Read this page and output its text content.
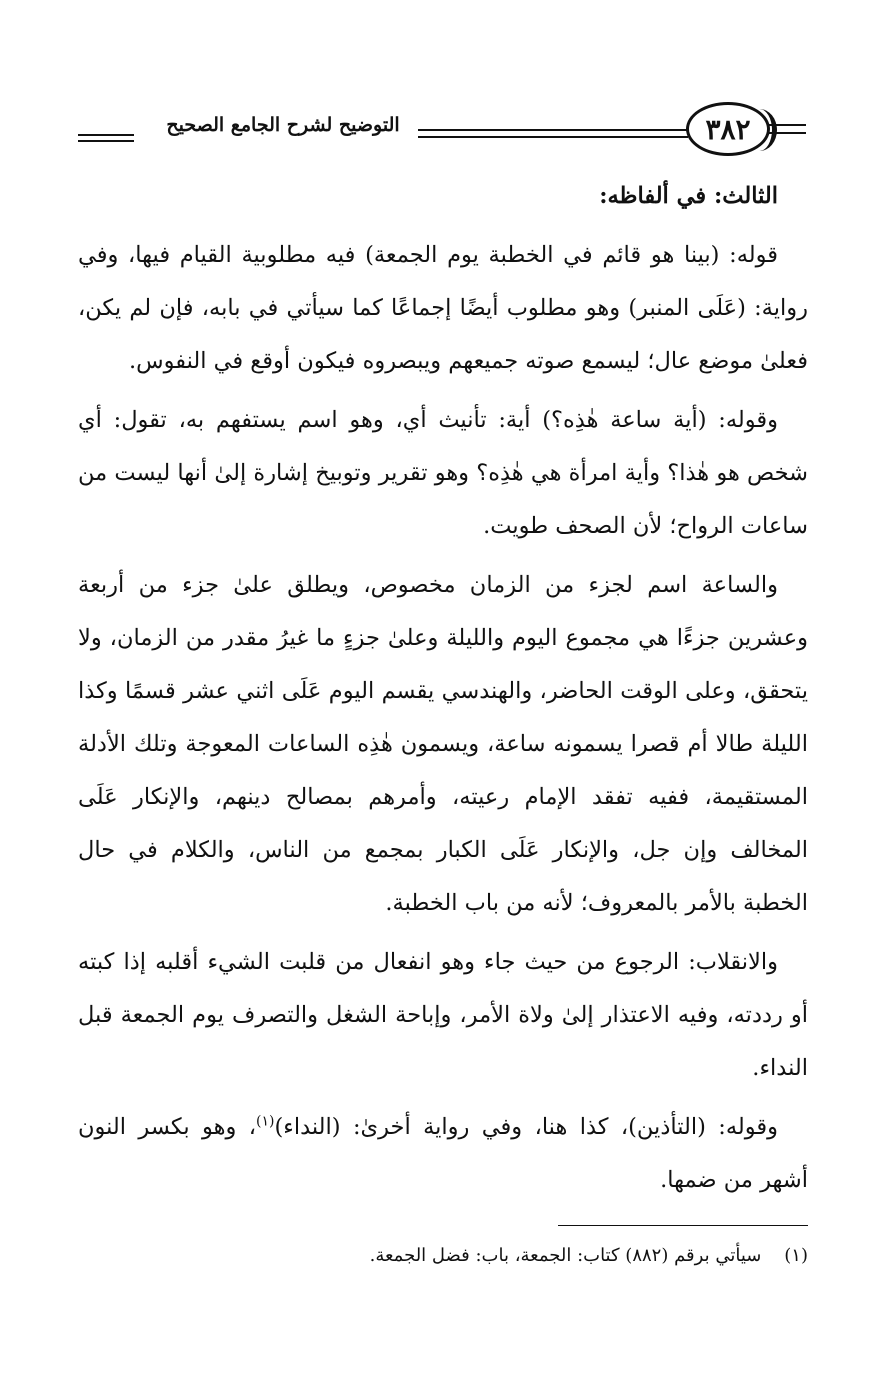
التوضيح لشرح الجامع الصحيح	٣٨٢

الثالث: في ألفاظه:

قوله: (بينا هو قائم في الخطبة يوم الجمعة) فيه مطلوبية القيام فيها، وفي رواية: (عَلَى المنبر) وهو مطلوب أيضًا إجماعًا كما سيأتي في بابه، فإن لم يكن، فعلىٰ موضع عال؛ ليسمع صوته جميعهم ويبصروه فيكون أوقع في النفوس.

وقوله: (أية ساعة هٰذِه؟) أية: تأنيث أي، وهو اسم يستفهم به، تقول: أي شخص هو هٰذا؟ وأية امرأة هي هٰذِه؟ وهو تقرير وتوبيخ إشارة إلىٰ أنها ليست من ساعات الرواح؛ لأن الصحف طويت.

والساعة اسم لجزء من الزمان مخصوص، ويطلق علىٰ جزء من أربعة وعشرين جزءًا هي مجموع اليوم والليلة وعلىٰ جزءٍ ما غيرُ مقدر من الزمان، ولا يتحقق، وعلى الوقت الحاضر، والهندسي يقسم اليوم عَلَى اثني عشر قسمًا وكذا الليلة طالا أم قصرا يسمونه ساعة، ويسمون هٰذِه الساعات المعوجة وتلك الأدلة المستقيمة، ففيه تفقد الإمام رعيته، وأمرهم بمصالح دينهم، والإنكار عَلَى المخالف وإن جل، والإنكار عَلَى الكبار بمجمع من الناس، والكلام في حال الخطبة بالأمر بالمعروف؛ لأنه من باب الخطبة.

والانقلاب: الرجوع من حيث جاء وهو انفعال من قلبت الشيء أقلبه إذا كبته أو رددته، وفيه الاعتذار إلىٰ ولاة الأمر، وإباحة الشغل والتصرف يوم الجمعة قبل النداء.

وقوله: (التأذين)، كذا هنا، وفي رواية أخرىٰ: (النداء)$^{(١)}$، وهو بكسر النون أشهر من ضمها.

(١)    سيأتي برقم (٨٨٢) كتاب: الجمعة، باب: فضل الجمعة.
